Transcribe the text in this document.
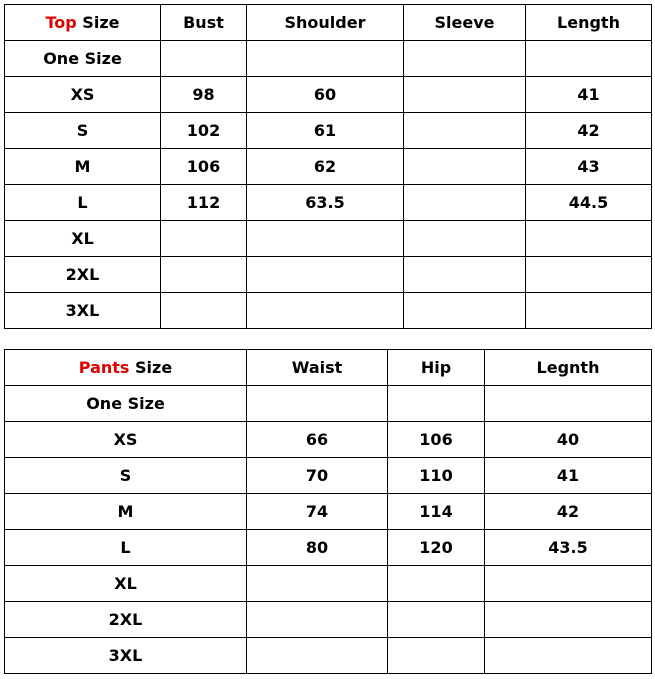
Top Size	Bust	Shoulder	Sleeve	Length
One Size				
XS	98	60		41
S	102	61		42
M	106	62		43
L	112	63.5		44.5
XL				
2XL				
3XL				
Pants Size	Waist	Hip	Legnth
One Size			
XS	66	106	40
S	70	110	41
M	74	114	42
L	80	120	43.5
XL			
2XL			
3XL			
